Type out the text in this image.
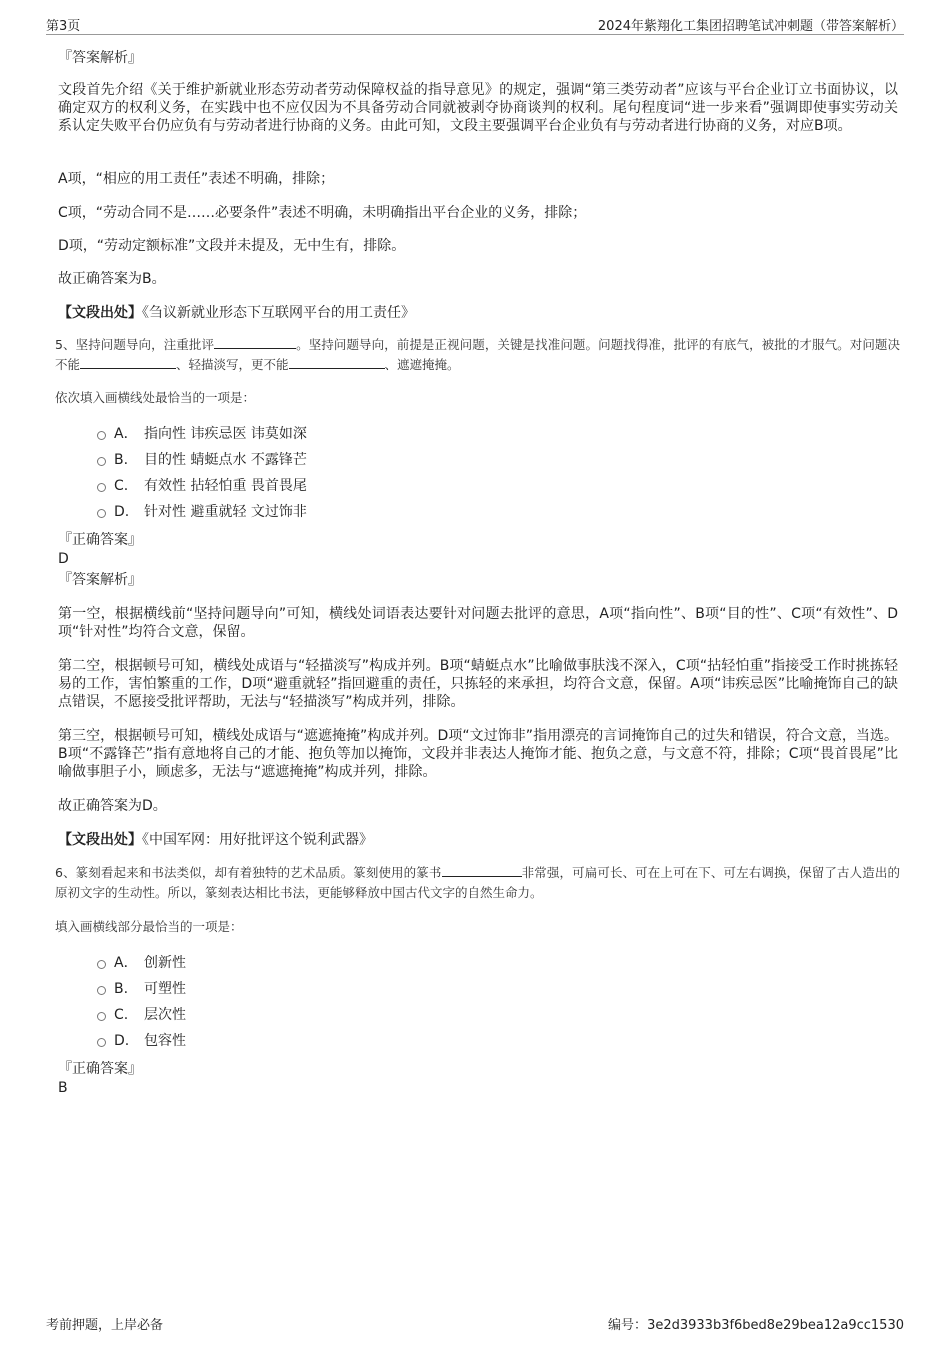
第3页	2024年紫翔化工集团招聘笔试冲刺题（带答案解析）
『答案解析』
文段首先介绍《关于维护新就业形态劳动者劳动保障权益的指导意见》的规定，强调“第三类劳动者”应该与平台企业订立书面协议，以确定双方的权利义务，在实践中也不应仅因为不具备劳动合同就被剥夺协商谈判的权利。尾句程度词“进一步来看”强调即使事实劳动关系认定失败平台仍应负有与劳动者进行协商的义务。由此可知，文段主要强调平台企业负有与劳动者进行协商的义务，对应B项。
A项，“相应的用工责任”表述不明确，排除；
C项，“劳动合同不是……必要条件”表述不明确，未明确指出平台企业的义务，排除；
D项，“劳动定额标准”文段并未提及，无中生有，排除。
故正确答案为B。
【文段出处】《刍议新就业形态下互联网平台的用工责任》
5、坚持问题导向，注重批评	。坚持问题导向，前提是正视问题，关键是找准问题。问题找得准，批评的有底气，被批的才服气。对问题决不能	、轻描淡写，更不能	、遮遮掩掩。
依次填入画横线处最恰当的一项是：
A． 指向性 讳疾忌医 讳莫如深
B.	目的性 蜻蜓点水 不露锋芒
C.	有效性 拈轻怕重 畏首畏尾
D.	针对性 避重就轻 文过饰非
『正确答案』
D
『答案解析』
第一空，根据横线前“坚持问题导向”可知，横线处词语表达要针对问题去批评的意思，A项“指向性”、B项“目的性”、C项“有效性”、D项“针对性”均符合文意，保留。
第二空，根据顿号可知，横线处成语与“轻描淡写”构成并列。B项“蜻蜓点水”比喻做事肤浅不深入，C项“拈轻怕重”指接受工作时挑拣轻易的工作，害怕繁重的工作，D项“避重就轻”指回避重的责任，只拣轻的来承担，均符合文意，保留。A项“讳疾忌医”比喻掩饰自己的缺点错误，不愿接受批评帮助，无法与“轻描淡写”构成并列，排除。
第三空，根据顿号可知，横线处成语与“遮遮掩掩”构成并列。D项“文过饰非”指用漂亮的言词掩饰自己的过失和错误，符合文意，当选。B项“不露锋芒”指有意地将自己的才能、抱负等加以掩饰，文段并非表达人掩饰才能、抱负之意，与文意不符，排除；C项“畏首畏尾”比喻做事胆子小，顾虑多，无法与“遮遮掩掩”构成并列，排除。
故正确答案为D。
【文段出处】《中国军网：用好批评这个锐利武器》
6、篆刻看起来和书法类似，却有着独特的艺术品质。篆刻使用的篆书	非常强，可扁可长、可在上可在下、可左右调换，保留了古人造出的原初文字的生动性。所以，篆刻表达相比书法，更能够释放中国古代文字的自然生命力。
填入画横线部分最恰当的一项是：
A． 创新性
B.	可塑性
C.	层次性
D.	包容性
『正确答案』
B
考前押题，上岸必备	编号：3e2d3933b3f6bed8e29bea12a9cc1530
